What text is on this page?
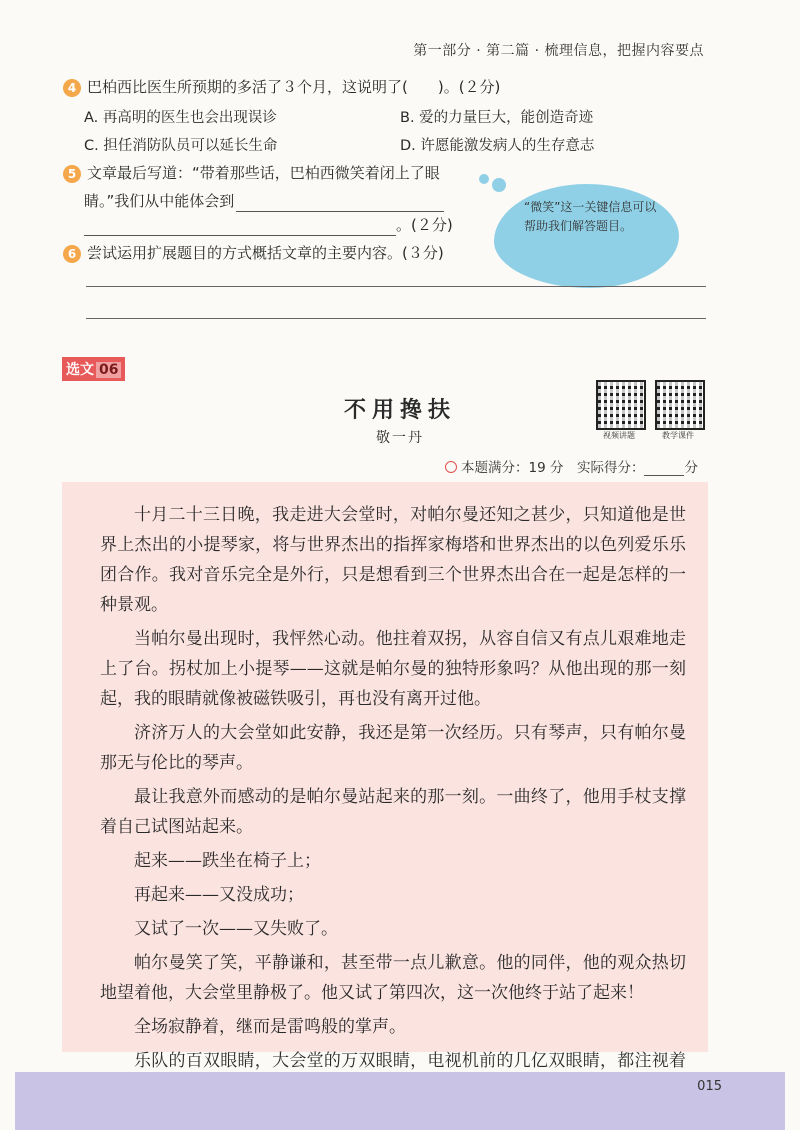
第一部分 · 第二篇 · 梳理信息，把握内容要点
4 巴柏西比医生所预期的多活了３个月，这说明了(　　)。(２分)
A. 再高明的医生也会出现误诊	B. 爱的力量巨大，能创造奇迹
C. 担任消防队员可以延长生命	D. 许愿能激发病人的生存意志
5 文章最后写道：“带着那些话，巴柏西微笑着闭上了眼
睛。”我们从中能体会到
。(２分)
“微笑”这一关键信息可以帮助我们解答题目。
6 尝试运用扩展题目的方式概括文章的主要内容。(３分)
选文 06
不用搀扶
敬一丹	视频讲题	教学课件
本题满分：19 分　实际得分：	分

十月二十三日晚，我走进大会堂时，对帕尔曼还知之甚少，只知道他是世界上杰出的小提琴家，将与世界杰出的指挥家梅塔和世界杰出的以色列爱乐乐团合作。我对音乐完全是外行，只是想看到三个世界杰出合在一起是怎样的一种景观。

当帕尔曼出现时，我怦然心动。他拄着双拐，从容自信又有点儿艰难地走上了台。拐杖加上小提琴——这就是帕尔曼的独特形象吗？从他出现的那一刻起，我的眼睛就像被磁铁吸引，再也没有离开过他。

济济万人的大会堂如此安静，我还是第一次经历。只有琴声，只有帕尔曼那无与伦比的琴声。

最让我意外而感动的是帕尔曼站起来的那一刻。一曲终了，他用手杖支撑着自己试图站起来。

起来——跌坐在椅子上；

再起来——又没成功；

又试了一次——又失败了。

帕尔曼笑了笑，平静谦和，甚至带一点儿歉意。他的同伴，他的观众热切地望着他，大会堂里静极了。他又试了第四次，这一次他终于站了起来！

全场寂静着，继而是雷鸣般的掌声。

乐队的百双眼睛，大会堂的万双眼睛，电视机前的几亿双眼睛，都注视着

015
